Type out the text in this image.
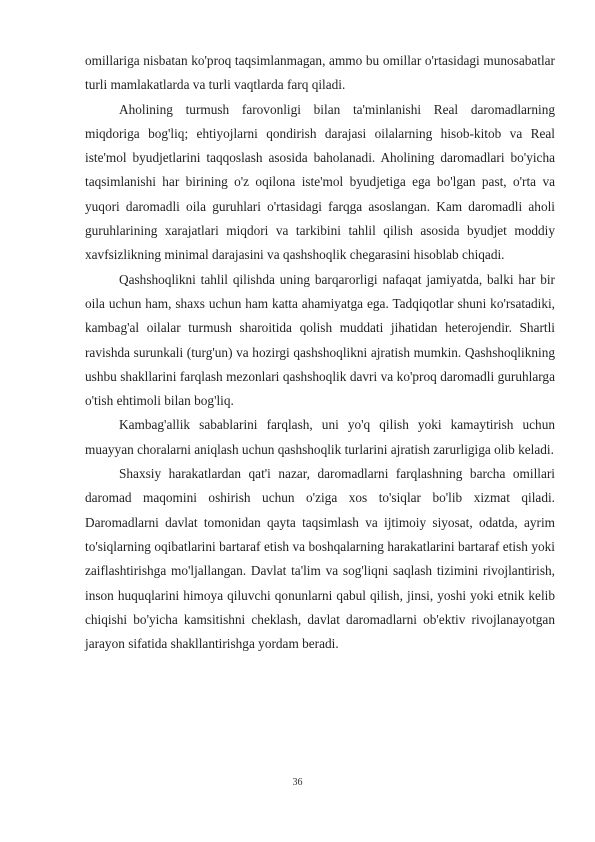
omillariga nisbatan ko'proq taqsimlanmagan, ammo bu omillar o'rtasidagi munosabatlar turli mamlakatlarda va turli vaqtlarda farq qiladi.

Aholining turmush farovonligi bilan ta'minlanishi Real daromadlarning miqdoriga bog'liq; ehtiyojlarni qondirish darajasi oilalarning hisob-kitob va Real iste'mol byudjetlarini taqqoslash asosida baholanadi. Aholining daromadlari bo'yicha taqsimlanishi har birining o'z oqilona iste'mol byudjetiga ega bo'lgan past, o'rta va yuqori daromadli oila guruhlari o'rtasidagi farqga asoslangan. Kam daromadli aholi guruhlarining xarajatlari miqdori va tarkibini tahlil qilish asosida byudjet moddiy xavfsizlikning minimal darajasini va qashshoqlik chegarasini hisoblab chiqadi.

Qashshoqlikni tahlil qilishda uning barqarorligi nafaqat jamiyatda, balki har bir oila uchun ham, shaxs uchun ham katta ahamiyatga ega. Tadqiqotlar shuni ko'rsatadiki, kambag'al oilalar turmush sharoitida qolish muddati jihatidan heterojendir. Shartli ravishda surunkali (turg'un) va hozirgi qashshoqlikni ajratish mumkin. Qashshoqlikning ushbu shakllarini farqlash mezonlari qashshoqlik davri va ko'proq daromadli guruhlarga o'tish ehtimoli bilan bog'liq.

Kambag'allik sabablarini farqlash, uni yo'q qilish yoki kamaytirish uchun muayyan choralarni aniqlash uchun qashshoqlik turlarini ajratish zarurligiga olib keladi.

Shaxsiy harakatlardan qat'i nazar, daromadlarni farqlashning barcha omillari daromad maqomini oshirish uchun o'ziga xos to'siqlar bo'lib xizmat qiladi. Daromadlarni davlat tomonidan qayta taqsimlash va ijtimoiy siyosat, odatda, ayrim to'siqlarning oqibatlarini bartaraf etish va boshqalarning harakatlarini bartaraf etish yoki zaiflashtirishga mo'ljallangan. Davlat ta'lim va sog'liqni saqlash tizimini rivojlantirish, inson huquqlarini himoya qiluvchi qonunlarni qabul qilish, jinsi, yoshi yoki etnik kelib chiqishi bo'yicha kamsitishni cheklash, davlat daromadlarni ob'ektiv rivojlanayotgan jarayon sifatida shakllantirishga yordam beradi.

36
